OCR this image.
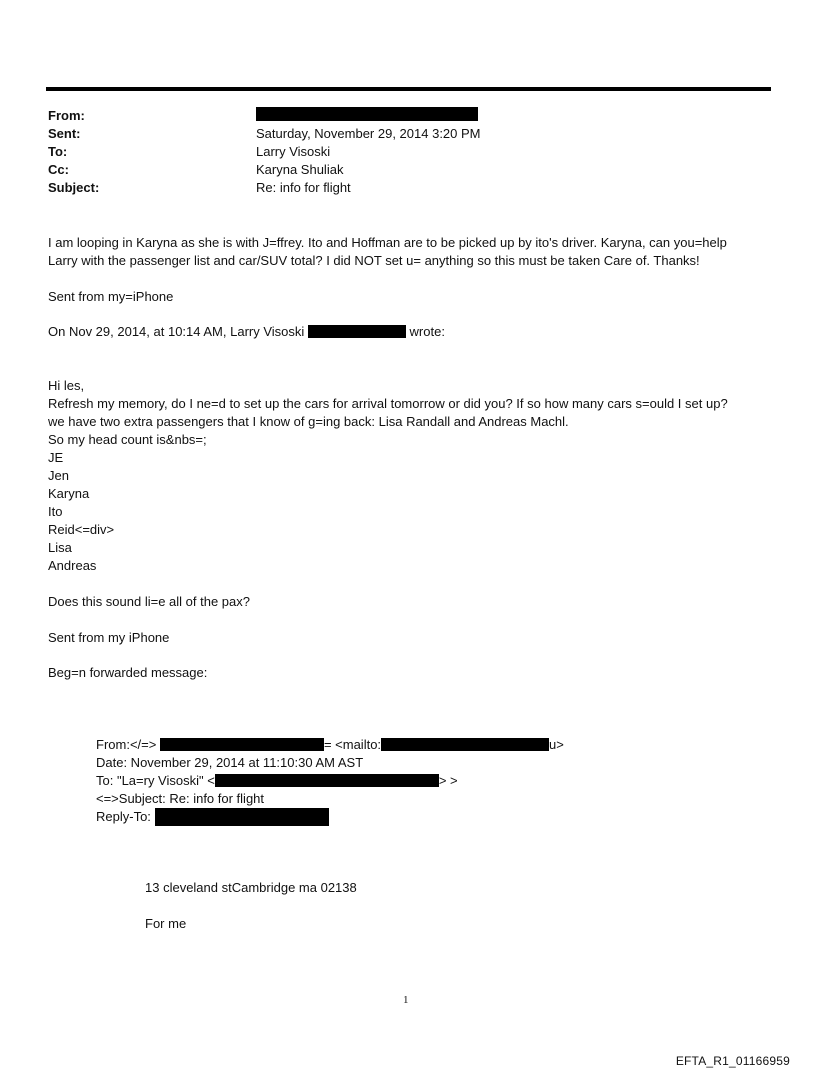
From:
Sent:	Saturday, November 29, 2014 3:20 PM
To:	Larry Visoski
Cc:	Karyna Shuliak
Subject:	Re: info for flight
I am looping in Karyna as she is with J=ffrey. Ito and Hoffman are to be picked up by ito's driver. Karyna, can you=help
Larry with the passenger list and car/SUV total? I did NOT set u= anything so this must be taken Care of. Thanks!
Sent from my=iPhone
On Nov 29, 2014, at 10:14 AM, Larry Visoski	wrote:
Hi les,
Refresh my memory, do I ne=d to set up the cars for arrival tomorrow or did you? If so how many cars s=ould I set up?
we have two extra passengers that I know of g=ing back: Lisa Randall and Andreas Machl.
So my head count is&nbs=;
JE
Jen
Karyna
Ito
Reid<=div>
Lisa
Andreas
Does this sound li=e all of the pax?
Sent from my iPhone
Beg=n forwarded message:
From:</=>	= <mailto:	u>
Date: November 29, 2014 at 11:10:30 AM AST
To: "La=ry Visoski" <	> >
<=>Subject: Re: info for flight
Reply-To:
13 cleveland stCambridge ma 02138
For me
1
EFTA_R1_01166959
